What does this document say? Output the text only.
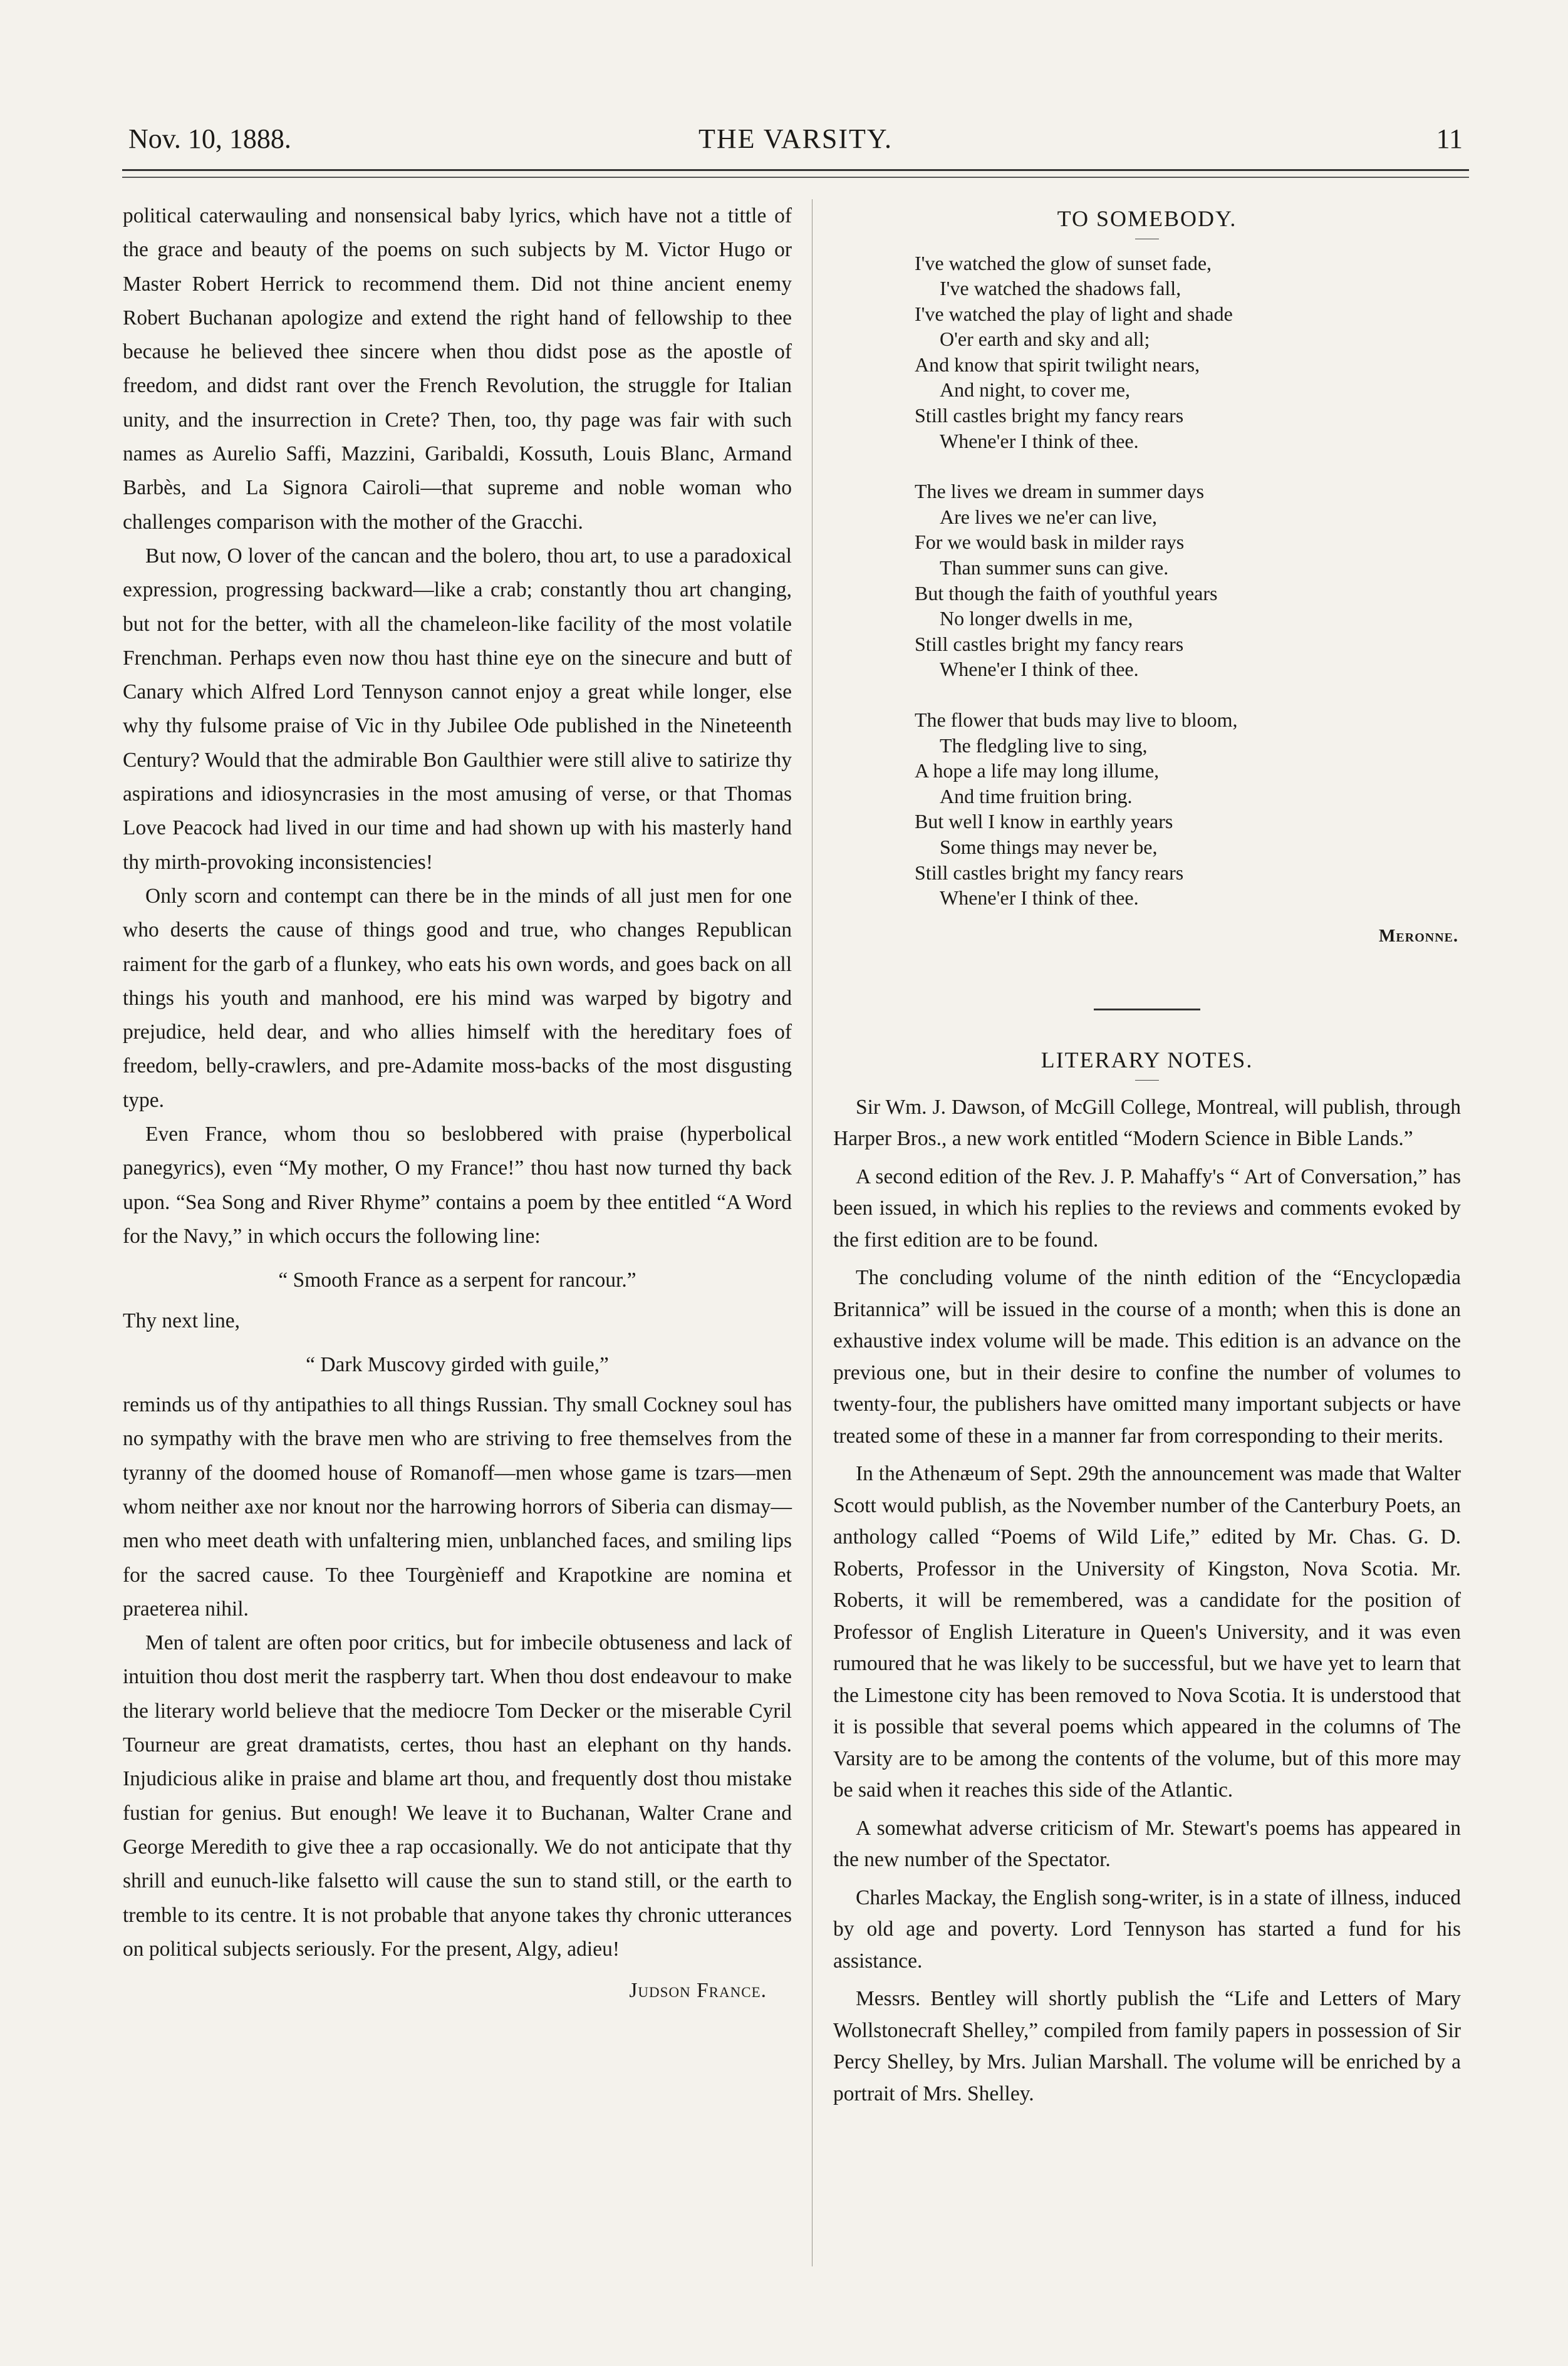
Nov. 10, 1888.	THE VARSITY.	11

political caterwauling and nonsensical baby lyrics, which have not a tittle of the grace and beauty of the poems on such subjects by M. Victor Hugo or Master Robert Herrick to recommend them. Did not thine ancient enemy Robert Buchanan apologize and extend the right hand of fellowship to thee because he believed thee sincere when thou didst pose as the apostle of freedom, and didst rant over the French Revolution, the struggle for Italian unity, and the insurrection in Crete? Then, too, thy page was fair with such names as Aurelio Saffi, Mazzini, Garibaldi, Kossuth, Louis Blanc, Armand Barbès, and La Signora Cairoli—that supreme and noble woman who challenges comparison with the mother of the Gracchi.

But now, O lover of the cancan and the bolero, thou art, to use a paradoxical expression, progressing backward—like a crab; constantly thou art changing, but not for the better, with all the chameleon-like facility of the most volatile Frenchman. Perhaps even now thou hast thine eye on the sinecure and butt of Canary which Alfred Lord Tennyson cannot enjoy a great while longer, else why thy fulsome praise of Vic in thy Jubilee Ode published in the Nineteenth Century? Would that the admirable Bon Gaulthier were still alive to satirize thy aspirations and idiosyncrasies in the most amusing of verse, or that Thomas Love Peacock had lived in our time and had shown up with his masterly hand thy mirth-provoking inconsistencies!

Only scorn and contempt can there be in the minds of all just men for one who deserts the cause of things good and true, who changes Republican raiment for the garb of a flunkey, who eats his own words, and goes back on all things his youth and manhood, ere his mind was warped by bigotry and prejudice, held dear, and who allies himself with the hereditary foes of freedom, belly-crawlers, and pre-Adamite moss-backs of the most disgusting type.

Even France, whom thou so beslobbered with praise (hyperbolical panegyrics), even “My mother, O my France!” thou hast now turned thy back upon. “Sea Song and River Rhyme” contains a poem by thee entitled “A Word for the Navy,” in which occurs the following line:

“ Smooth France as a serpent for rancour.”

Thy next line,

“ Dark Muscovy girded with guile,”

reminds us of thy antipathies to all things Russian. Thy small Cockney soul has no sympathy with the brave men who are striving to free themselves from the tyranny of the doomed house of Romanoff—men whose game is tzars—men whom neither axe nor knout nor the harrowing horrors of Siberia can dismay—men who meet death with unfaltering mien, unblanched faces, and smiling lips for the sacred cause. To thee Tourgènieff and Krapotkine are nomina et praeterea nihil.

Men of talent are often poor critics, but for imbecile obtuseness and lack of intuition thou dost merit the raspberry tart. When thou dost endeavour to make the literary world believe that the mediocre Tom Decker or the miserable Cyril Tourneur are great dramatists, certes, thou hast an elephant on thy hands. Injudicious alike in praise and blame art thou, and frequently dost thou mistake fustian for genius. But enough! We leave it to Buchanan, Walter Crane and George Meredith to give thee a rap occasionally. We do not anticipate that thy shrill and eunuch-like falsetto will cause the sun to stand still, or the earth to tremble to its centre. It is not probable that anyone takes thy chronic utterances on political subjects seriously. For the present, Algy, adieu!

Judson France.

TO SOMEBODY.
I've watched the glow of sunset fade,
I've watched the shadows fall,
I've watched the play of light and shade
O'er earth and sky and all;
And know that spirit twilight nears,
And night, to cover me,
Still castles bright my fancy rears
Whene'er I think of thee.
The lives we dream in summer days
Are lives we ne'er can live,
For we would bask in milder rays
Than summer suns can give.
But though the faith of youthful years
No longer dwells in me,
Still castles bright my fancy rears
Whene'er I think of thee.
The flower that buds may live to bloom,
The fledgling live to sing,
A hope a life may long illume,
And time fruition bring.
But well I know in earthly years
Some things may never be,
Still castles bright my fancy rears
Whene'er I think of thee.
Meronne.
LITERARY NOTES.

Sir Wm. J. Dawson, of McGill College, Montreal, will publish, through Harper Bros., a new work entitled “Modern Science in Bible Lands.”

A second edition of the Rev. J. P. Mahaffy's “ Art of Conversation,” has been issued, in which his replies to the reviews and comments evoked by the first edition are to be found.

The concluding volume of the ninth edition of the “Encyclopædia Britannica” will be issued in the course of a month; when this is done an exhaustive index volume will be made. This edition is an advance on the previous one, but in their desire to confine the number of volumes to twenty-four, the publishers have omitted many important subjects or have treated some of these in a manner far from corresponding to their merits.

In the Athenæum of Sept. 29th the announcement was made that Walter Scott would publish, as the November number of the Canterbury Poets, an anthology called “Poems of Wild Life,” edited by Mr. Chas. G. D. Roberts, Professor in the University of Kingston, Nova Scotia. Mr. Roberts, it will be remembered, was a candidate for the position of Professor of English Literature in Queen's University, and it was even rumoured that he was likely to be successful, but we have yet to learn that the Limestone city has been removed to Nova Scotia. It is understood that it is possible that several poems which appeared in the columns of The Varsity are to be among the contents of the volume, but of this more may be said when it reaches this side of the Atlantic.

A somewhat adverse criticism of Mr. Stewart's poems has appeared in the new number of the Spectator.

Charles Mackay, the English song-writer, is in a state of illness, induced by old age and poverty. Lord Tennyson has started a fund for his assistance.

Messrs. Bentley will shortly publish the “Life and Letters of Mary Wollstonecraft Shelley,” compiled from family papers in possession of Sir Percy Shelley, by Mrs. Julian Marshall. The volume will be enriched by a portrait of Mrs. Shelley.
